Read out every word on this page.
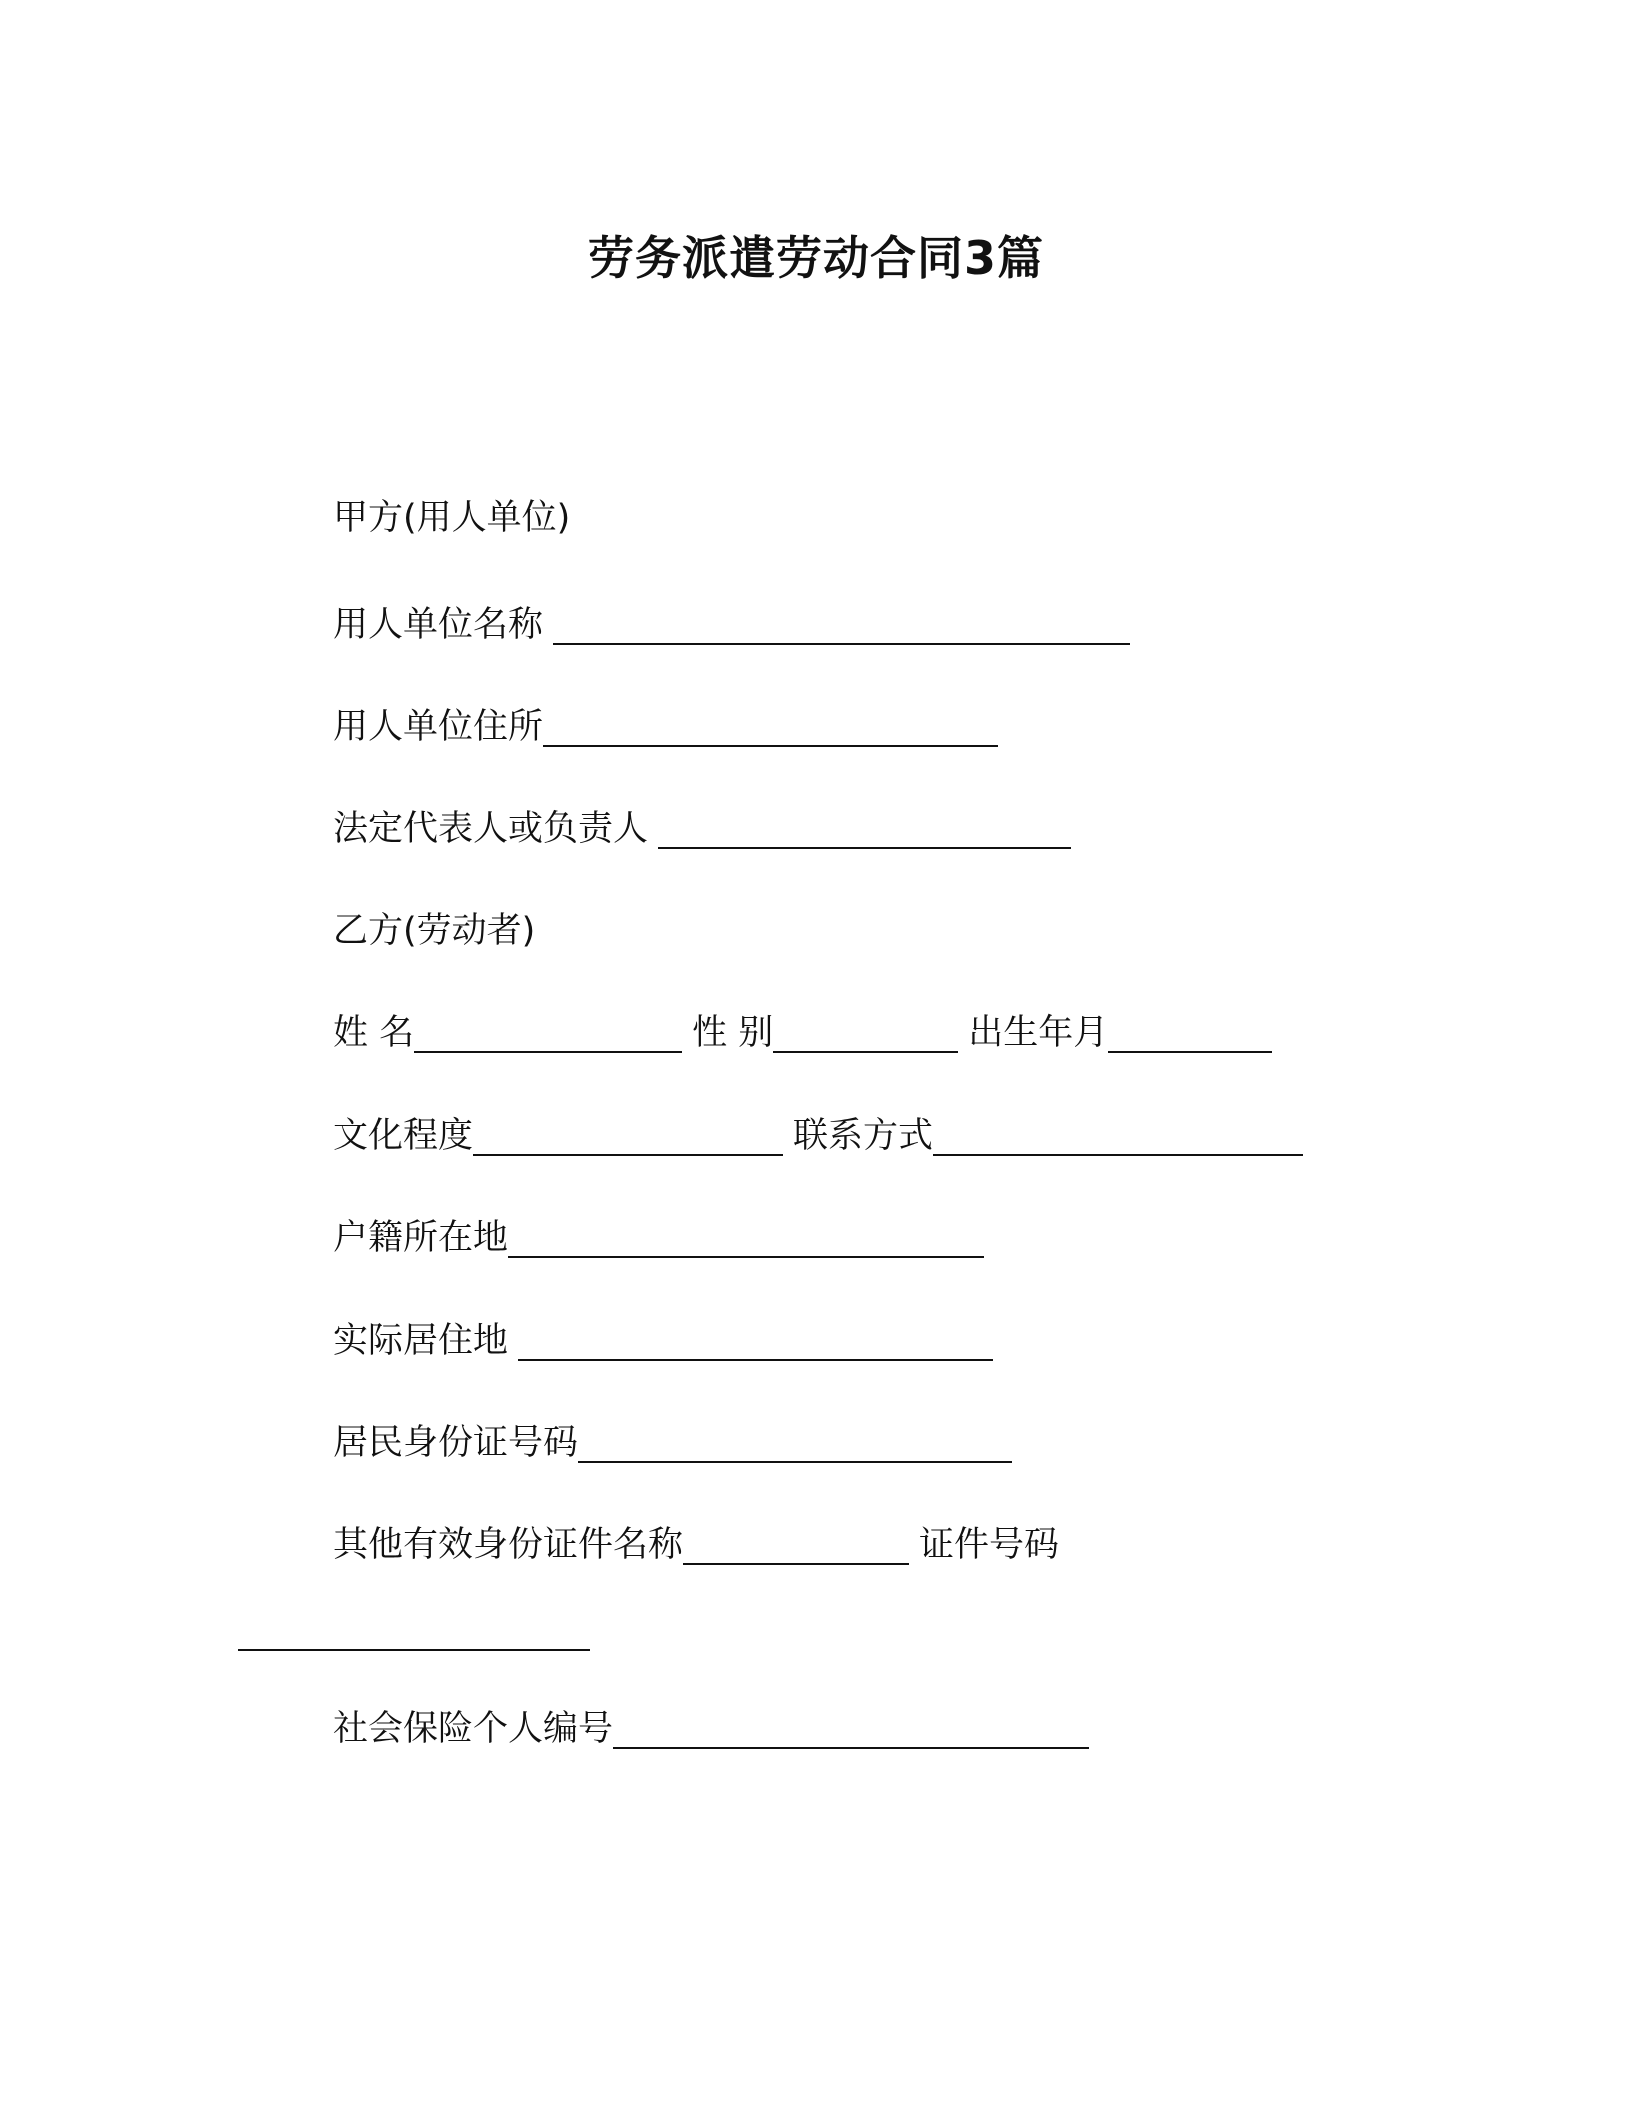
劳务派遣劳动合同3篇
甲方(用人单位)
用人单位名称
用人单位住所
法定代表人或负责人
乙方(劳动者)
姓 名	性 别	出生年月
文化程度	联系方式
户籍所在地
实际居住地
居民身份证号码
其他有效身份证件名称	证件号码
社会保险个人编号
